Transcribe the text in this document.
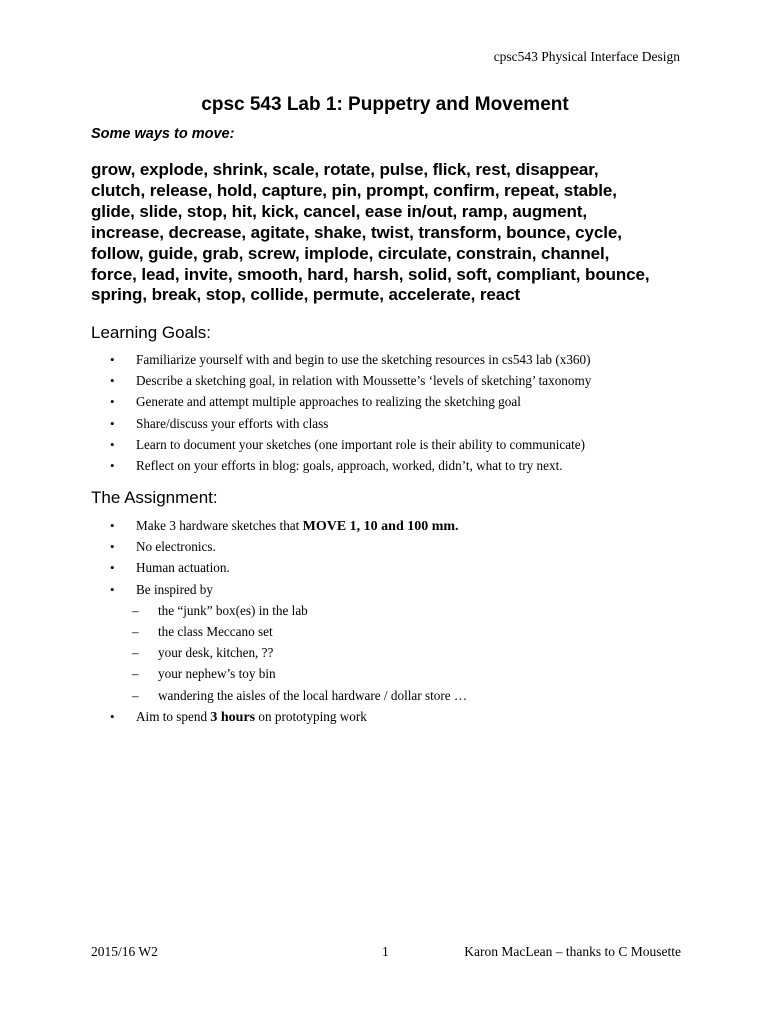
cpsc543 Physical Interface Design
cpsc 543 Lab 1: Puppetry and Movement
Some ways to move:
grow, explode, shrink, scale, rotate, pulse, flick, rest, disappear,
clutch, release, hold, capture, pin, prompt, confirm, repeat, stable,
glide, slide, stop, hit, kick, cancel, ease in/out, ramp, augment,
increase, decrease, agitate, shake, twist, transform, bounce, cycle,
follow, guide, grab, screw, implode, circulate, constrain, channel,
force, lead, invite, smooth, hard, harsh, solid, soft, compliant, bounce,
spring, break, stop, collide, permute, accelerate, react
Learning Goals:
• Familiarize yourself with and begin to use the sketching resources in cs543 lab (x360)
• Describe a sketching goal, in relation with Moussette’s ‘levels of sketching’ taxonomy
• Generate and attempt multiple approaches to realizing the sketching goal
• Share/discuss your efforts with class
• Learn to document your sketches (one important role is their ability to communicate)
• Reflect on your efforts in blog: goals, approach, worked, didn’t, what to try next.
The Assignment:
• Make 3 hardware sketches that MOVE 1, 10 and 100 mm.
• No electronics.
• Human actuation.
• Be inspired by
– the “junk” box(es) in the lab
– the class Meccano set
– your desk, kitchen, ??
– your nephew’s toy bin
– wandering the aisles of the local hardware / dollar store …
• Aim to spend 3 hours on prototyping work
2015/16 W2	1	Karon MacLean – thanks to C Mousette
